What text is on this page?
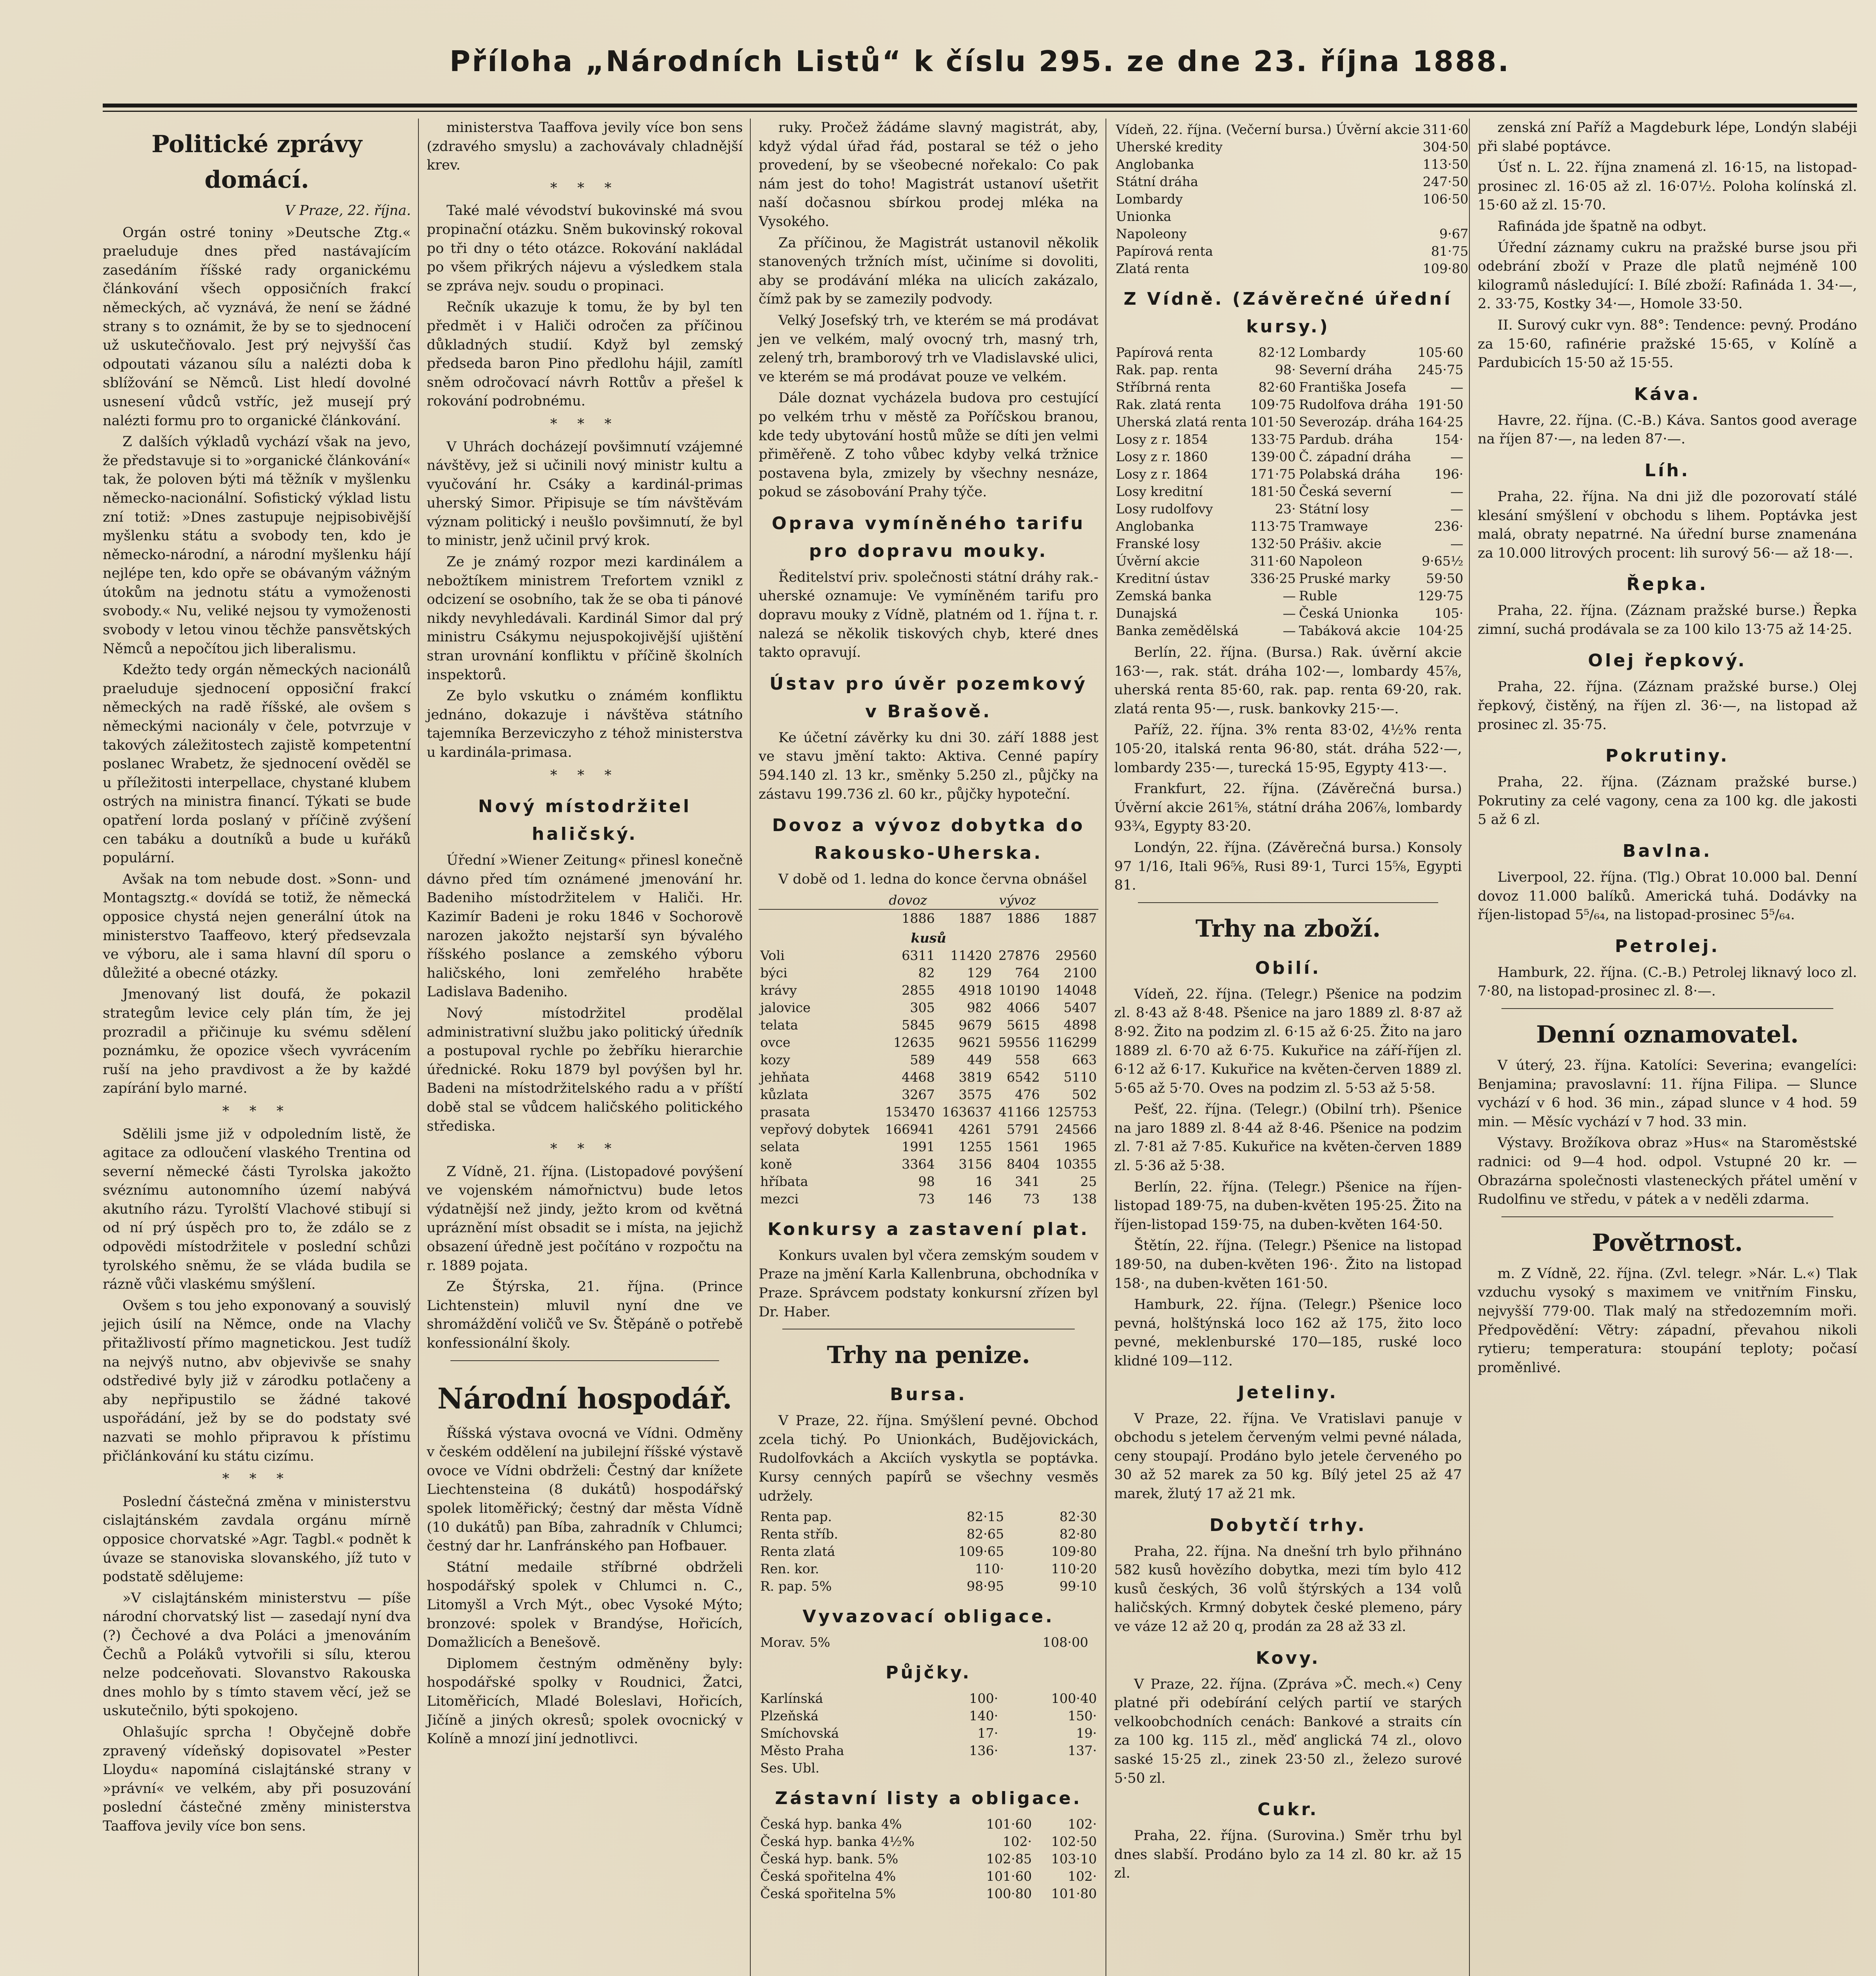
Příloha „Národních Listů“ k číslu 295. ze dne 23. října 1888.
Politické zprávy domácí.
V Praze, 22. října.

Orgán ostré toniny »Deutsche Ztg.« praeluduje dnes před nastávajícím zasedáním říšské rady organickému článkování všech opposičních frakcí německých, ač vyznává, že není se žádné strany s to oznámit, že by se to sjednocení už uskutečňovalo. Jest prý nejvyšší čas odpoutati vázanou sílu a nalézti doba k sblížování se Němců. List hledí dovolné usnesení vůdců vstříc, jež musejí prý nalézti formu pro to organické článkování.

Z dalších výkladů vychází však na jevo, že představuje si to »organické článkování« tak, že poloven býti má těžník v myšlenku německo-nacionální. Sofistický výklad listu zní totiž: »Dnes zastupuje nejpisobivější myšlenku státu a svobody ten, kdo je německo-národní, a národní myšlenku hájí nejlépe ten, kdo opře se obávaným vážným útokům na jednotu státu a vymoženosti svobody.« Nu, veliké nejsou ty vymoženosti svobody v letou vinou těchže pansvětských Němců a nepočítou jich liberalismu.

Kdežto tedy orgán německých nacionálů praeluduje sjednocení opposiční frakcí německých na radě říšské, ale ovšem s německými nacionály v čele, potvrzuje v takových záležitostech zajistě kompetentní poslanec Wrabetz, že sjednocení ověděl se u příležitosti interpellace, chystané klubem ostrých na ministra financí. Týkati se bude opatření lorda poslaný v příčině zvýšení cen tabáku a doutníků a bude u kuřáků populární.

Avšak na tom nebude dost. »Sonn- und Montagsztg.« dovídá se totiž, že německá opposice chystá nejen generální útok na ministerstvo Taaffeovo, který předsevzala ve výboru, ale i sama hlavní díl sporu o důležité a obecné otázky.

Jmenovaný list doufá, že pokazil strategům levice cely plán tím, že jej prozradil a přičinuje ku svému sdělení poznámku, že opozice všech vyvrácením ruší na jeho pravdivost a že by každé zapírání bylo marné.

* * *

Sdělili jsme již v odpoledním listě, že agitace za odloučení vlaského Trentina od severní německé části Tyrolska jakožto svéznímu autonomního území nabývá akutního rázu. Tyrolští Vlachové stibují si od ní prý úspěch pro to, že zdálo se z odpovědi místodržitele v poslední schůzi tyrolského sněmu, že se vláda budila se rázně vůči vlaskému smýšlení.

Ovšem s tou jeho exponovaný a souvislý jejich úsilí na Němce, onde na Vlachy přitažlivostí přímo magnetickou. Jest tudíž na nejvýš nutno, abv objevivše se snahy odstředivé byly již v zárodku potlačeny a aby nepřipustilo se žádné takové uspořádání, jež by se do podstaty své nazvati se mohlo připravou k přístimu přičlánkování ku státu cizímu.

* * *

Poslední částečná změna v ministerstvu cislajtánském zavdala orgánu mírně opposice chorvatské »Agr. Tagbl.« podnět k úvaze se stanoviska slovanského, jíž tuto v podstatě sdělujeme:

»V cislajtánském ministerstvu — píše národní chorvatský list — zasedají nyní dva (?) Čechové a dva Poláci a jmenováním Čechů a Poláků vytvořili si sílu, kterou nelze podceňovati. Slovanstvo Rakouska dnes mohlo by s tímto stavem věcí, jež se uskutečnilo, býti spokojeno.

Ohlašujíc sprcha ! Obyčejně dobře zpravený vídeňský dopisovatel »Pester Lloydu« napomíná cislajtánské strany v »právní« ve velkém, aby při posuzování poslední částečné změny ministerstva Taaffova jevily více bon sens.

ministerstva Taaffova jevily více bon sens (zdravého smyslu) a zachovávaly chladnější krev.

* * *

Také malé vévodství bukovinské má svou propinační otázku. Sněm bukovinský rokoval po tři dny o této otázce. Rokování nakládal po všem přikrých nájevu a výsledkem stala se zpráva nejv. soudu o propinaci.

Rečník ukazuje k tomu, že by byl ten předmět i v Haliči odročen za příčinou důkladných studií. Když byl zemský předseda baron Pino předlohu hájil, zamítl sněm odročovací návrh Rottův a přešel k rokování podrobnému.

* * *

V Uhrách docházejí povšimnutí vzájemné návštěvy, jež si učinili nový ministr kultu a vyučování hr. Csáky a kardinál-primas uherský Simor. Připisuje se tím návštěvám význam politický i neušlo povšimnutí, že byl to ministr, jenž učinil prvý krok.

Ze je známý rozpor mezi kardinálem a nebožtíkem ministrem Trefortem vznikl z odcizení se osobního, tak že se oba ti pánové nikdy nevyhledávali. Kardinál Simor dal prý ministru Csákymu nejuspokojivější ujištění stran urovnání konfliktu v příčině školních inspektorů.

Ze bylo vskutku o známém konfliktu jednáno, dokazuje i návštěva státního tajemníka Berzeviczyho z téhož ministerstva u kardinála-primasa.

* * *
Nový místodržitel haličský.

Úřední »Wiener Zeitung« přinesl konečně dávno před tím oznámené jmenování hr. Badeniho místodržitelem v Haliči. Hr. Kazimír Badeni je roku 1846 v Sochorově narozen jakožto nejstarší syn bývalého říšského poslance a zemského výboru haličského, loni zemřelého hraběte Ladislava Badeniho.

Nový místodržitel prodělal administrativní službu jako politický úředník a postupoval rychle po žebříku hierarchie úřednické. Roku 1879 byl povýšen byl hr. Badeni na místodržitelského radu a v příští době stal se vůdcem haličského politického střediska.

* * *

Z Vídně, 21. října. (Listopadové povýšení ve vojenském námořnictvu) bude letos výdatnější než jindy, ježto krom od květná upráznění míst obsadit se i místa, na jejichž obsazení úředně jest počítáno v rozpočtu na r. 1889 pojata.

Ze Štýrska, 21. října. (Prince Lichtenstein) mluvil nyní dne ve shromáždění voličů ve Sv. Štěpáně o potřebě konfessionální školy.

Národní hospodář.

Říšská výstava ovocná ve Vídni. Odměny v českém oddělení na jubilejní říšské výstavě ovoce ve Vídni obdrželi: Čestný dar knížete Liechtensteina (8 dukátů) hospodářský spolek litoměřický; čestný dar města Vídně (10 dukátů) pan Bíba, zahradník v Chlumci; čestný dar hr. Lanfránského pan Hofbauer.

Státní medaile stříbrné obdrželi hospodářský spolek v Chlumci n. C., Litomyšl a Vrch Mýt., obec Vysoké Mýto; bronzové: spolek v Brandýse, Hořicích, Domažlicích a Benešově.

Diplomem čestným odměněny byly: hospodářské spolky v Roudnici, Žatci, Litoměřicích, Mladé Boleslavi, Hořicích, Jičíně a jiných okresů; spolek ovocnický v Kolíně a mnozí jiní jednotlivci.

ruky. Pročež žádáme slavný magistrát, aby, když výdal úřad řád, postaral se též o jeho provedení, by se všeobecné nořekalo: Co pak nám jest do toho! Magistrát ustanoví ušetřit naší dočasnou sbírkou prodej mléka na Vysokého.

Za příčinou, že Magistrát ustanovil několik stanovených tržních míst, učiníme si dovoliti, aby se prodávání mléka na ulicích zakázalo, čímž pak by se zamezily podvody.

Velký Josefský trh, ve kterém se má prodávat jen ve velkém, malý ovocný trh, masný trh, zelený trh, bramborový trh ve Vladislavské ulici, ve kterém se má prodávat pouze ve velkém.

Dále doznat vycházela budova pro cestující po velkém trhu v městě za Poříčskou branou, kde tedy ubytování hostů může se díti jen velmi přiměřeně. Z toho vůbec kdyby velká tržnice postavena byla, zmizely by všechny nesnáze, pokud se zásobování Prahy týče.

Oprava vymíněného tarifu pro dopravu mouky.

Ředitelství priv. společnosti státní dráhy rak.-uherské oznamuje: Ve vymíněném tarifu pro dopravu mouky z Vídně, platném od 1. října t. r. nalezá se několik tiskových chyb, které dnes takto opravují.

Ústav pro úvěr pozemkový v Brašově.

Ke účetní závěrky ku dni 30. září 1888 jest ve stavu jmění takto: Aktiva. Cenné papíry 594.140 zl. 13 kr., směnky 5.250 zl., půjčky na zástavu 199.736 zl. 60 kr., půjčky hypoteční.

Dovoz a vývoz dobytka do Rakousko-Uherska.

V době od 1. ledna do konce června obnášel

	dovoz		vývoz	
	1886	1887	1886	1887
kusů				
Voli	6311	11420	27876	29560
býci	82	129	764	2100
krávy	2855	4918	10190	14048
jalovice	305	982	4066	5407
telata	5845	9679	5615	4898
ovce	12635	9621	59556	116299
kozy	589	449	558	663
jehňata	4468	3819	6542	5110
kůzlata	3267	3575	476	502
prasata	153470	163637	41166	125753
vepřový dobytek	166941	4261	5791	24566
selata	1991	1255	1561	1965
koně	3364	3156	8404	10355
hříbata	98	16	341	25
mezci	73	146	73	138
Konkursy a zastavení plat.

Konkurs uvalen byl včera zemským soudem v Praze na jmění Karla Kallenbruna, obchodníka v Praze. Správcem podstaty konkursní zřízen byl Dr. Haber.

Trhy na penize.
Bursa.

V Praze, 22. října. Smýšlení pevné. Obchod zcela tichý. Po Unionkách, Budějovickách, Rudolfovkách a Akciích vyskytla se poptávka. Kursy cenných papírů se všechny vesměs udržely.

Renta pap.	82·15	82·30
Renta stříb.	82·65	82·80
Renta zlatá	109·65	109·80
Ren. kor.	110·	110·20
R. pap. 5%	98·95	99·10
Vyvazovací obligace.
Morav. 5%	108·00	
Půjčky.
Karlínská	100·	100·40
Plzeňská	140·	150·
Smíchovská	17·	19·
Město Praha	136·	137·
Ses. Ubl.		
Zástavní listy a obligace.
Česká hyp. banka 4%	101·60	102·
Česká hyp. banka 4½%	102·	102·50
Česká hyp. bank. 5%	102·85	103·10
Česká spořitelna 4%	101·60	102·
Česká spořitelna 5%	100·80	101·80
Vídeň, 22. října. (Večerní bursa.) Úvěrní akcie	311·60	
Uherské kredity	304·50	
Anglobanka	113·50	
Státní dráha	247·50	
Lombardy	106·50	
Unionka		
Napoleony	9·67	
Papírová renta	81·75	
Zlatá renta	109·80	
Z Vídně. (Závěrečné úřední kursy.)
Papírová renta	82·12	Lombardy	105·60
Rak. pap. renta	98·	Severní dráha	245·75
Stříbrná renta	82·60	Františka Josefa	—
Rak. zlatá renta	109·75	Rudolfova dráha	191·50
Uherská zlatá renta	101·50	Severozáp. dráha	164·25
Losy z r. 1854	133·75	Pardub. dráha	154·
Losy z r. 1860	139·00	Č. západní dráha	—
Losy z r. 1864	171·75	Polabská dráha	196·
Losy kreditní	181·50	Česká severní	—
Losy rudolfovy	23·	Státní losy	—
Anglobanka	113·75	Tramwaye	236·
Franské losy	132·50	Prášiv. akcie	—
Úvěrní akcie	311·60	Napoleon	9·65½
Kreditní ústav	336·25	Pruské marky	59·50
Zemská banka	—	Ruble	129·75
Dunajská	—	Česká Unionka	105·
Banka zemědělská	—	Tabáková akcie	104·25

Berlín, 22. října. (Bursa.) Rak. úvěrní akcie 163·—, rak. stát. dráha 102·—, lombardy 45⅞, uherská renta 85·60, rak. pap. renta 69·20, rak. zlatá renta 95·—, rusk. bankovky 215·—.

Paříž, 22. října. 3% renta 83·02, 4½% renta 105·20, italská renta 96·80, stát. dráha 522·—, lombardy 235·—, turecká 15·95, Egypty 413·—.

Frankfurt, 22. října. (Závěrečná bursa.) Úvěrní akcie 261⅝, státní dráha 206⅞, lombardy 93¾, Egypty 83·20.

Londýn, 22. října. (Závěrečná bursa.) Konsoly 97 1/16, Itali 96⅝, Rusi 89·1, Turci 15⅝, Egypti 81.

Trhy na zboží.
Obilí.

Vídeň, 22. října. (Telegr.) Pšenice na podzim zl. 8·43 až 8·48. Pšenice na jaro 1889 zl. 8·87 až 8·92. Žito na podzim zl. 6·15 až 6·25. Žito na jaro 1889 zl. 6·70 až 6·75. Kukuřice na září-říjen zl. 6·12 až 6·17. Kukuřice na květen-červen 1889 zl. 5·65 až 5·70. Oves na podzim zl. 5·53 až 5·58.

Pešť, 22. října. (Telegr.) (Obilní trh). Pšenice na jaro 1889 zl. 8·44 až 8·46. Pšenice na podzim zl. 7·81 až 7·85. Kukuřice na květen-červen 1889 zl. 5·36 až 5·38.

Berlín, 22. října. (Telegr.) Pšenice na říjen-listopad 189·75, na duben-květen 195·25. Žito na říjen-listopad 159·75, na duben-květen 164·50.

Štětín, 22. října. (Telegr.) Pšenice na listopad 189·50, na duben-květen 196·. Žito na listopad 158·, na duben-květen 161·50.

Hamburk, 22. října. (Telegr.) Pšenice loco pevná, holštýnská loco 162 až 175, žito loco pevné, meklenburské 170—185, ruské loco klidné 109—112.

Jeteliny.

V Praze, 22. října. Ve Vratislavi panuje v obchodu s jetelem červeným velmi pevné nálada, ceny stoupají. Prodáno bylo jetele červeného po 30 až 52 marek za 50 kg. Bílý jetel 25 až 47 marek, žlutý 17 až 21 mk.

Dobytčí trhy.

Praha, 22. října. Na dnešní trh bylo přihnáno 582 kusů hovězího dobytka, mezi tím bylo 412 kusů českých, 36 volů štýrských a 134 volů haličských. Krmný dobytek české plemeno, páry ve váze 12 až 20 q, prodán za 28 až 33 zl.

Kovy.

V Praze, 22. října. (Zpráva »Č. mech.«) Ceny platné při odebírání celých partií ve starých velkoobchodních cenách: Bankové a straits cín za 100 kg. 115 zl., měď anglická 74 zl., olovo saské 15·25 zl., zinek 23·50 zl., železo surové 5·50 zl.

Cukr.

Praha, 22. října. (Surovina.) Směr trhu byl dnes slabší. Prodáno bylo za 14 zl. 80 kr. až 15 zl.

zenská zní Paříž a Magdeburk lépe, Londýn slabéji při slabé poptávce.

Úsť n. L. 22. října znamená zl. 16·15, na listopad-prosinec zl. 16·05 až zl. 16·07½. Poloha kolínská zl. 15·60 až zl. 15·70.

Rafináda jde špatně na odbyt.

Úřední záznamy cukru na pražské burse jsou při odebrání zboží v Praze dle platů nejméně 100 kilogramů následující: I. Bílé zboží: Rafináda 1. 34·—, 2. 33·75, Kostky 34·—, Homole 33·50.

II. Surový cukr vyn. 88°: Tendence: pevný. Prodáno za 15·60, rafinérie pražské 15·65, v Kolíně a Pardubicích 15·50 až 15·55.

Káva.

Havre, 22. října. (C.-B.) Káva. Santos good average na říjen 87·—, na leden 87·—.

Líh.

Praha, 22. října. Na dni již dle pozorovatí stálé klesání smýšlení v obchodu s lihem. Poptávka jest malá, obraty nepatrné. Na úřední burse znamenána za 10.000 litrových procent: lih surový 56·— až 18·—.

Řepka.

Praha, 22. října. (Záznam pražské burse.) Řepka zimní, suchá prodávala se za 100 kilo 13·75 až 14·25.

Olej řepkový.

Praha, 22. října. (Záznam pražské burse.) Olej řepkový, čistěný, na říjen zl. 36·—, na listopad až prosinec zl. 35·75.

Pokrutiny.

Praha, 22. října. (Záznam pražské burse.) Pokrutiny za celé vagony, cena za 100 kg. dle jakosti 5 až 6 zl.

Bavlna.

Liverpool, 22. října. (Tlg.) Obrat 10.000 bal. Denní dovoz 11.000 balíků. Americká tuhá. Dodávky na říjen-listopad 5⁵/₆₄, na listopad-prosinec 5⁵/₆₄.

Petrolej.

Hamburk, 22. října. (C.-B.) Petrolej liknavý loco zl. 7·80, na listopad-prosinec zl. 8·—.

Denní oznamovatel.

V úterý, 23. října. Katolíci: Severina; evangelíci: Benjamina; pravoslavní: 11. října Filipa. — Slunce vychází v 6 hod. 36 min., západ slunce v 4 hod. 59 min. — Měsíc vychází v 7 hod. 33 min.

Výstavy. Brožíkova obraz »Hus« na Staroměstské radnici: od 9—4 hod. odpol. Vstupné 20 kr. — Obrazárna společnosti vlasteneckých přátel umění v Rudolfinu ve středu, v pátek a v neděli zdarma.

Povětrnost.

m. Z Vídně, 22. října. (Zvl. telegr. »Nár. L.«) Tlak vzduchu vysoký s maximem ve vnitřním Finsku, nejvyšší 779·00. Tlak malý na středozemním moři. Předpovědění: Větry: západní, převahou nikoli rytieru; temperatura: stoupání teploty; počasí proměnlivé.
